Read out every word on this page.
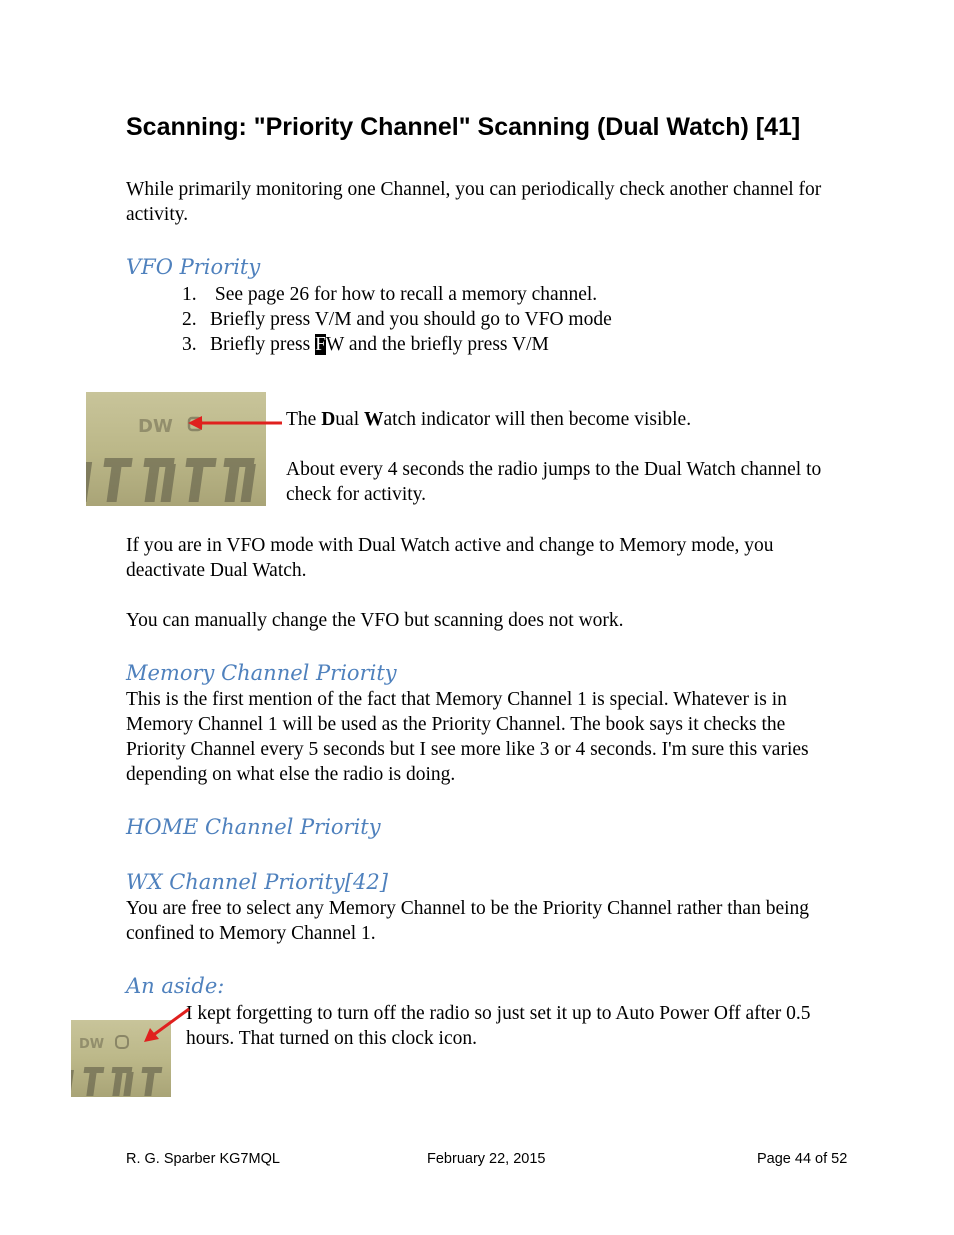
Scanning: "Priority Channel" Scanning (Dual Watch) [41]
While primarily monitoring one Channel, you can periodically check another channel for activity.
VFO Priority
1. See page 26 for how to recall a memory channel.
2. Briefly press V/M and you should go to VFO mode
3. Briefly press FW and the briefly press V/M
DW	The Dual Watch indicator will then become visible.
About every 4 seconds the radio jumps to the Dual Watch channel to check for activity.
If you are in VFO mode with Dual Watch active and change to Memory mode, you deactivate Dual Watch.
You can manually change the VFO but scanning does not work.
Memory Channel Priority
This is the first mention of the fact that Memory Channel 1 is special. Whatever is in Memory Channel 1 will be used as the Priority Channel. The book says it checks the Priority Channel every 5 seconds but I see more like 3 or 4 seconds. I'm sure this varies depending on what else the radio is doing.
HOME Channel Priority
WX Channel Priority[42]
You are free to select any Memory Channel to be the Priority Channel rather than being confined to Memory Channel 1.
An aside:
I kept forgetting to turn off the radio so just set it up to Auto Power Off after 0.5 hours. That turned on this clock icon.
DW
R. G. Sparber KG7MQL	February 22, 2015	Page 44 of 52
